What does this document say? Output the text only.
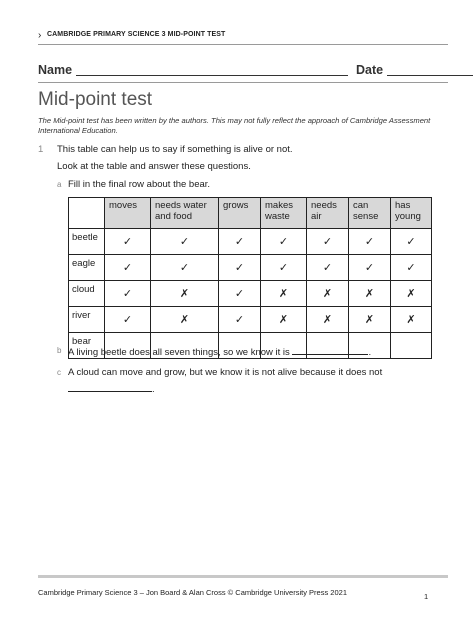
› CAMBRIDGE PRIMARY SCIENCE 3 MID-POINT TEST
Name	Date
Mid-point test
The Mid-point test has been written by the authors. This may not fully reflect the approach of Cambridge Assessment International Education.
1 This table can help us to say if something is alive or not.
Look at the table and answer these questions.
a Fill in the final row about the bear.
	moves	needs water and food	grows	makes waste	needs air	can sense	has young
beetle	✓	✓	✓	✓	✓	✓	✓
eagle	✓	✓	✓	✓	✓	✓	✓
cloud	✓	✗	✓	✗	✗	✗	✗
river	✓	✗	✓	✗	✗	✗	✗
bear							
b A living beetle does all seven things, so we know it is	.
c A cloud can move and grow, but we know it is not alive because it does not
.
Cambridge Primary Science 3 – Jon Board & Alan Cross © Cambridge University Press 2021	1
